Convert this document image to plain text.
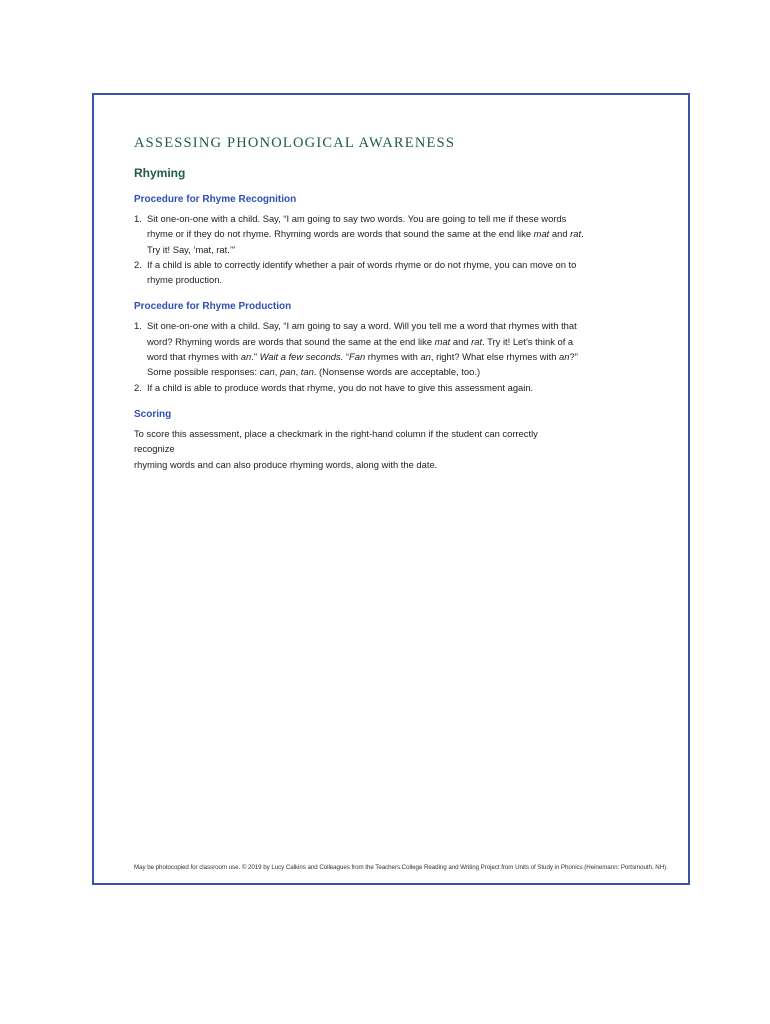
ASSESSING PHONOLOGICAL AWARENESS
Rhyming
Procedure for Rhyme Recognition
1. Sit one-on-one with a child. Say, “I am going to say two words. You are going to tell me if these words
rhyme or if they do not rhyme. Rhyming words are words that sound the same at the end like mat and rat.
Try it! Say, ‘mat, rat.’”
2. If a child is able to correctly identify whether a pair of words rhyme or do not rhyme, you can move on to
rhyme production.
Procedure for Rhyme Production
1. Sit one-on-one with a child. Say, “I am going to say a word. Will you tell me a word that rhymes with that
word? Rhyming words are words that sound the same at the end like mat and rat. Try it! Let’s think of a
word that rhymes with an.” Wait a few seconds. “Fan rhymes with an, right? What else rhymes with an?”
Some possible responses: can, pan, tan. (Nonsense words are acceptable, too.)
2. If a child is able to produce words that rhyme, you do not have to give this assessment again.
Scoring

To score this assessment, place a checkmark in the right-hand column if the student can correctly recognize
rhyming words and can also produce rhyming words, along with the date.

May be photocopied for classroom use. © 2019 by Lucy Calkins and Colleagues from the Teachers College Reading and Writing Project from Units of Study in Phonics (Heinemann: Portsmouth, NH).
